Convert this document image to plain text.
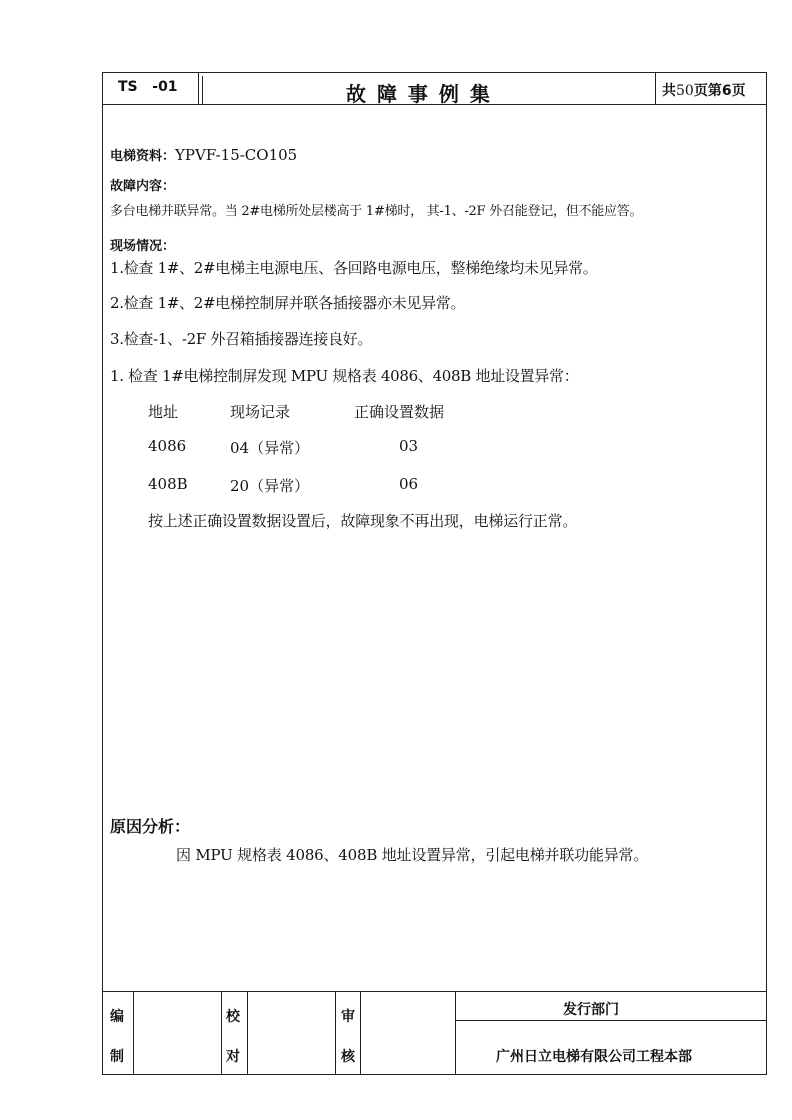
TS   -01	故 障 事 例 集	共50页第6页
电梯资料：YPVF-15-CO105
故障内容：
多台电梯并联异常。当 2#电梯所处层楼高于 1#梯时， 其-1、-2F 外召能登记，但不能应答。
现场情况：
1.检查 1#、2#电梯主电源电压、各回路电源电压，整梯绝缘均未见异常。
2.检查 1#、2#电梯控制屏并联各插接器亦未见异常。
3.检查-1、-2F 外召箱插接器连接良好。
1. 检查 1#电梯控制屏发现 MPU 规格表 4086、408B 地址设置异常：
地址	现场记录	正确设置数据
4086	04（异常）	03
408B	20（异常）	06
按上述正确设置数据设置后，故障现象不再出现，电梯运行正常。
原因分析：
因 MPU 规格表 4086、408B 地址设置异常，引起电梯并联功能异常。
编
制
校
对
审
核
发行部门
广州日立电梯有限公司工程本部
